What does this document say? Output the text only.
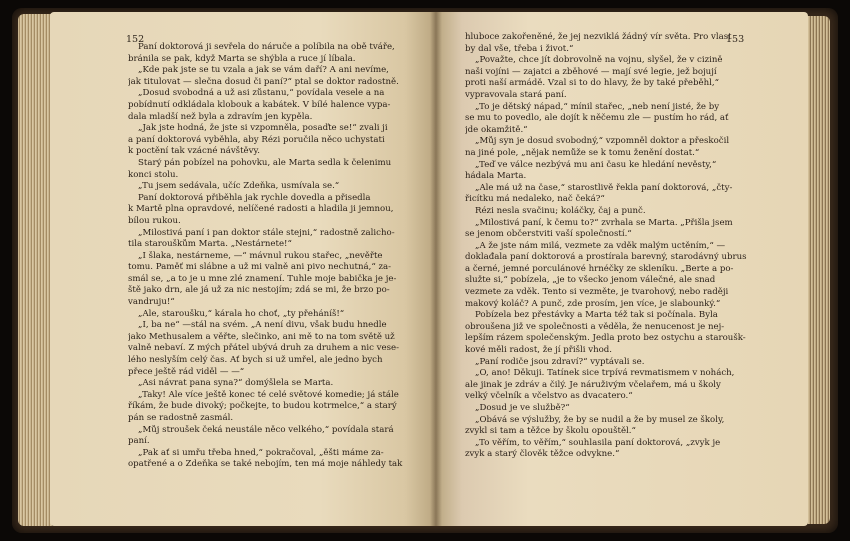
152
Paní doktorová ji sevřela do náruče a políbila na obě tváře,
bránila se pak, když Marta se shýbla a ruce jí líbala.
„Kde pak jste se tu vzala a jak se vám daří? A ani nevíme,
jak titulovat — slečna dosud či paní?“ ptal se doktor radostně.
„Dosud svobodná a už asi zůstanu,“ povídala vesele a na
pobídnutí odkládala klobouk a kabátek. V bílé halence vypa-
dala mladší než byla a zdravím jen kypěla.
„Jak jste hodná, že jste si vzpomněla, posaďte se!“ zvali ji
a paní doktorová vyběhla, aby Rézi poručila něco uchystati
k poctění tak vzácné návštěvy.
Starý pán pobízel na pohovku, ale Marta sedla k čelenimu
konci stolu.
„Tu jsem sedávala, učíc Zdeňka, usmívala se.“
Paní doktorová přiběhla jak rychle dovedla a přisedla
k Martě plna opravdové, nelíčené radosti a hladila ji jemnou,
bílou rukou.
„Milostivá paní i pan doktor stále stejni,“ radostně zalicho-
tila starouškům Marta. „Nestárnete!“
„I šlaka, nestárneme, —“ mávnul rukou stařec, „nevěřte
tomu. Paměť mi slábne a už mi valně ani pivo nechutná,“ za-
smál se, „a to je u mne zlé znamení. Tuhle moje babička je je-
ště jako drn, ale já už za nic nestojím; zdá se mi, že brzo po-
vandruju!“
„Ale, staroušku,“ kárala ho choť, „ty přeháníš!“
„I, ba ne“ —stál na svém. „A není divu, však budu hnedle
jako Methusalem a věřte, slečinko, ani mě to na tom světě už
valně nebaví. Z mých přátel ubývá druh za druhem a nic vese-
lého neslyším celý čas. Ať bych si už umřel, ale jedno bych
přece ještě rád viděl — —“
„Asi návrat pana syna?“ domýšlela se Marta.
„Taky! Ale více ještě konec té celé světové komedie; já stále
říkám, že bude divoký; počkejte, to budou kotrmelce,“ a starý
pán se radostně zasmál.
„Můj stroušek čeká neustále něco velkého,“ povídala stará
paní.
„Pak ať si umřu třeba hned,“ pokračoval, „ěšti máme za-
opatřené a o Zdeňka se také nebojím, ten má moje náhledy tak
153
hluboce zakořeněné, že jej nezviklá žádný vír světa. Pro vlast
by dal vše, třeba i život.“
„Považte, chce jít dobrovolně na vojnu, slyšel, že v cizině
naši vojíni — zajatci a zběhové — mají své legie, jež bojují
proti naší armádě. Vzal si to do hlavy, že by také přeběhl,“
vypravovala stará paní.
„To je dětský nápad,“ mínil stařec, „neb není jisté, že by
se mu to povedlo, ale dojít k něčemu zle — pustím ho rád, ať
jde okamžitě.“
„Můj syn je dosud svobodný,“ vzpomněl doktor a přeskočil
na jiné pole, „nějak nemůže se k tomu ženění dostat.“
„Teď ve válce nezbývá mu ani času ke hledání nevěsty,“
hádala Marta.
„Ale má už na čase,“ starostlivě řekla paní doktorová, „čty-
řicítku má nedaleko, nač čeká?“
Rézi nesla svačinu; koláčky, čaj a punč.
„Milostivá paní, k čemu to?“ zvrhala se Marta. „Přišla jsem
se jenom občerstviti vaší společností.“
„A že jste nám milá, vezmete za vděk malým uctěním,“ —
doklađala paní doktorová a prostírala barevný, starodávný ubrus
a černé, jemné porculánové hrnéčky ze skleníku. „Berte a po-
služte si,“ pobízela, „je to všecko jenom válečné, ale snad
vezmete za vděk. Tento si vezměte, je tvarohový, nebo raději
makový koláč? A punč, zde prosím, jen více, je slabounký.“
Pobízela bez přestávky a Marta též tak si počínala. Byla
obroušena již ve společnosti a věděla, že nenucenost je nej-
lepším rázem společenským. Jedla proto bez ostychu a staroušk-
kové měli radost, že jí přišli vhod.
„Paní rodiče jsou zdraví?“ vyptávali se.
„O, ano! Děkuji. Tatínek sice trpívá revmatismem v nohách,
ale jinak je zdráv a čilý. Je náruživým včelařem, má u školy
velký včelník a včelstvo as dvacatero.“
„Dosud je ve službě?“
„Obává se výslužby, že by se nudil a že by musel ze školy,
zvykl si tam a těžce by školu opouštěl.“
„To věřím, to věřím,“ souhlasila paní doktorová, „zvyk je
zvyk a starý člověk těžce odvykne.“
